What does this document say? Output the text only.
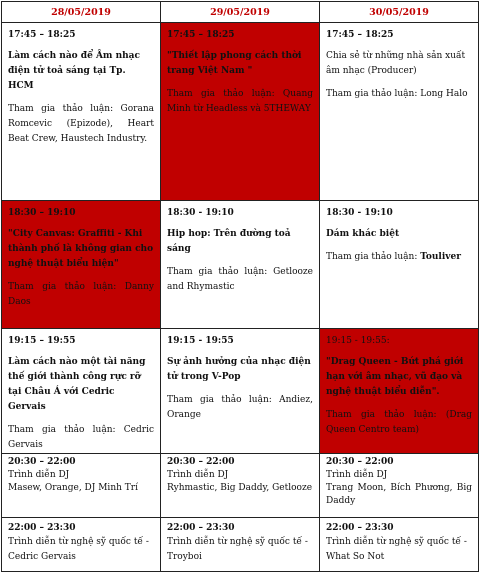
28/05/2019	29/05/2019	30/05/2019

17:45 – 18:25
Làm cách nào để Âm nhạc điện tử toả sáng tại Tp. HCM
Tham gia thảo luận: Gorana Romcevic (Epizode), Heart Beat Crew, Haustech Industry.	17:45 – 18:25
"Thiết lập phong cách thời trang Việt Nam "
Tham gia thảo luận: Quang Minh từ Headless và 5THEWAY	17:45 – 18:25
Chia sẻ từ những nhà sản xuất âm nhạc (Producer)
Tham gia thảo luận: Long Halo

18:30 – 19:10
"City Canvas: Graffiti - Khi thành phố là không gian cho nghệ thuật biểu hiện"
Tham gia thảo luận: Danny Daos	18:30 - 19:10
Hip hop: Trên đường toả sáng
Tham gia thảo luận: Getlooze and Rhymastic	18:30 - 19:10
Dám khác biệt
Tham gia thảo luận: Touliver

19:15 – 19:55
Làm cách nào một tài năng thế giới thành công rực rỡ tại Châu Á với Cedric Gervais
Tham gia thảo luận: Cedric Gervais	19:15 - 19:55
Sự ảnh hưởng của nhạc điện tử trong V-Pop
Tham gia thảo luận: Andiez, Orange	19:15 - 19:55:
"Drag Queen - Bứt phá giới hạn với âm nhạc, vũ đạo và nghệ thuật biểu diễn".
Tham gia thảo luận: (Drag Queen Centro team)

20:30 – 22:00
Trình diễn DJ
Masew, Orange, DJ Minh Trí	20:30 – 22:00
Trình diễn DJ
Ryhmastic, Big Daddy, Getlooze	20:30 – 22:00
Trình diễn DJ
Trang Moon, Bích Phương, Big Daddy

22:00 – 23:30
Trình diễn từ nghệ sỹ quốc tế -
Cedric Gervais	22:00 – 23:30
Trình diễn từ nghệ sỹ quốc tế -
Troyboi	22:00 – 23:30
Trình diễn từ nghệ sỹ quốc tế -
What So Not
